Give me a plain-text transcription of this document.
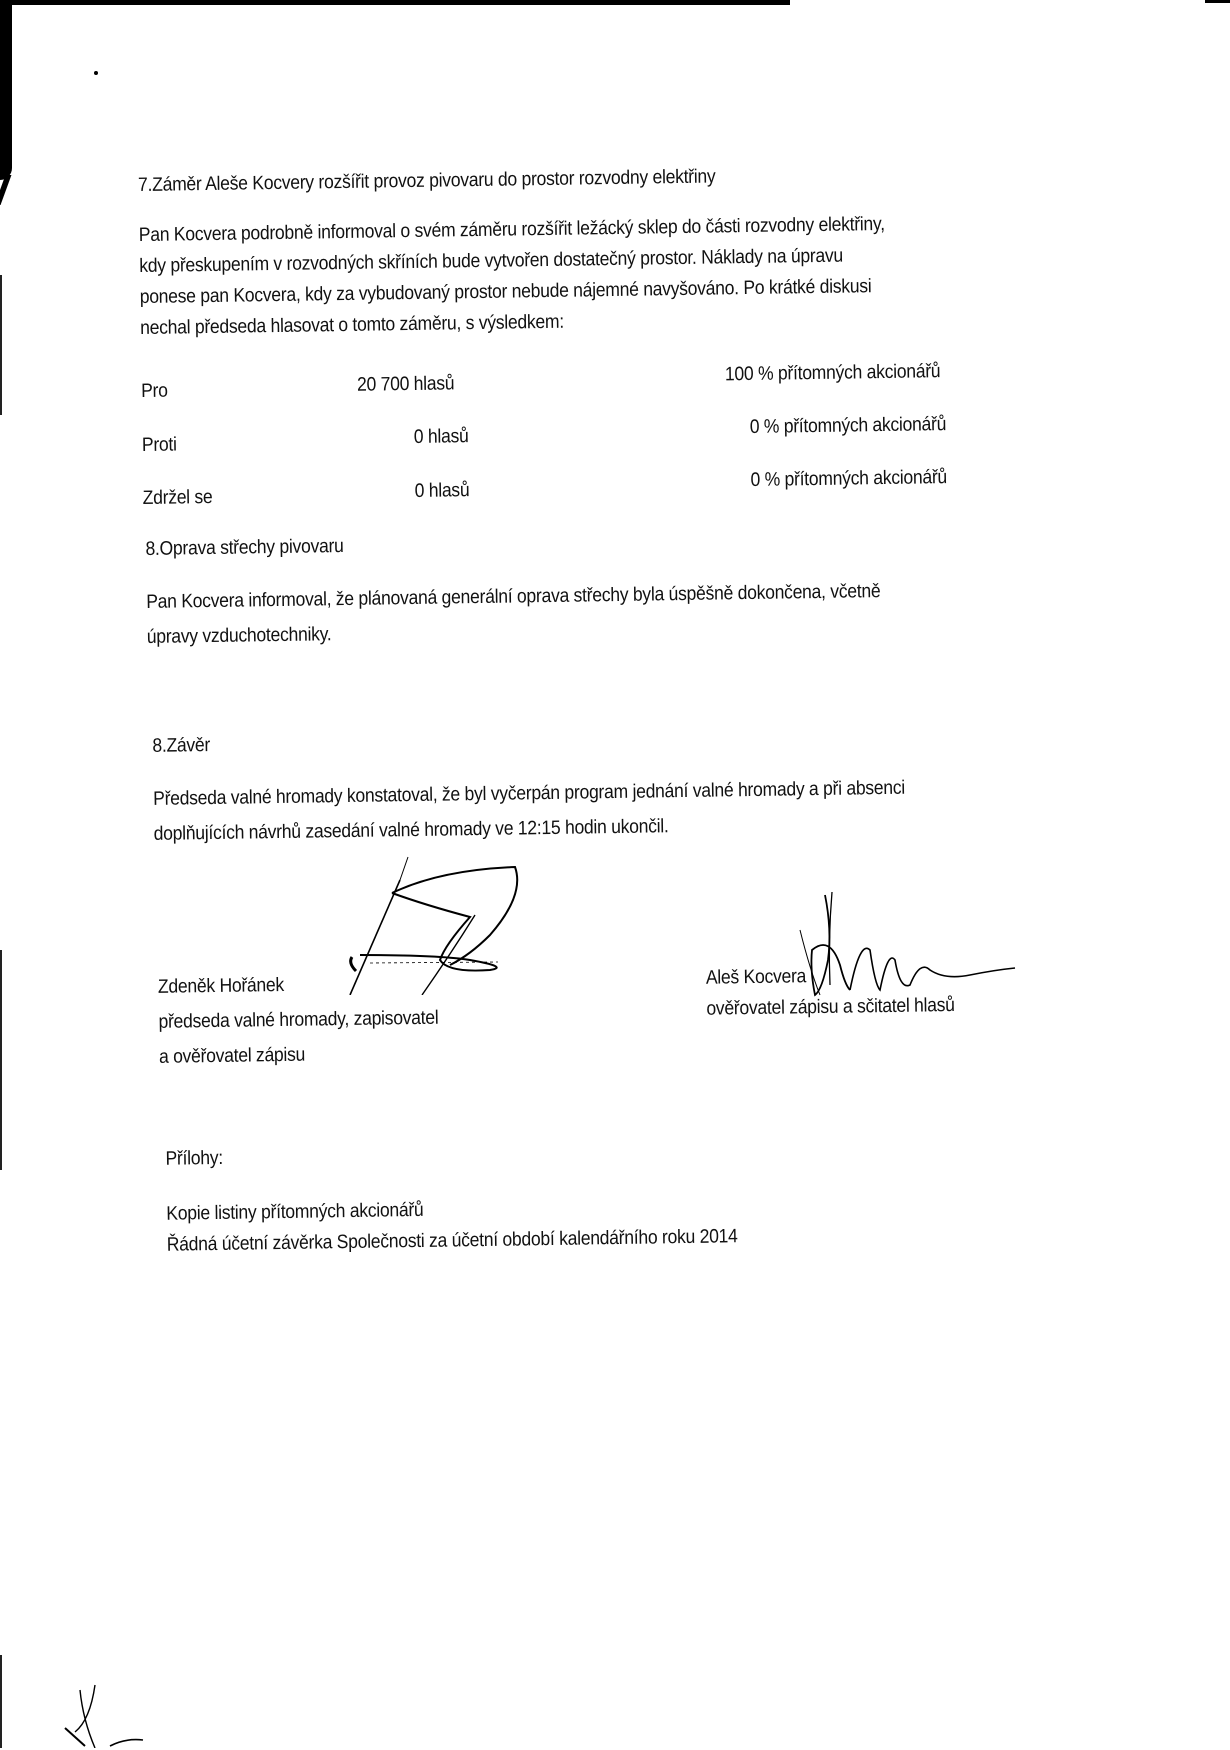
7.Záměr Aleše Kocvery rozšířit provoz pivovaru do prostor rozvodny elektřiny
Pan Kocvera podrobně informoval o svém záměru rozšířit ležácký sklep do části rozvodny elektřiny,
kdy přeskupením v rozvodných skříních bude vytvořen dostatečný prostor. Náklady na úpravu
ponese pan Kocvera, kdy za vybudovaný prostor nebude nájemné navyšováno. Po krátké diskusi
nechal předseda hlasovat o tomto záměru, s výsledkem:
Pro	20 700 hlasů	100 % přítomných akcionářů
Proti	0 hlasů	0 % přítomných akcionářů
Zdržel se	0 hlasů	0 % přítomných akcionářů
8.Oprava střechy pivovaru
Pan Kocvera informoval, že plánovaná generální oprava střechy byla úspěšně dokončena, včetně
úpravy vzduchotechniky.
8.Závěr
Předseda valné hromady konstatoval, že byl vyčerpán program jednání valné hromady a při absenci
doplňujících návrhů zasedání valné hromady ve 12:15 hodin ukončil.
Zdeněk Hořánek
předseda valné hromady, zapisovatel
a ověřovatel zápisu
Aleš Kocvera
ověřovatel zápisu a sčitatel hlasů
Přílohy:
Kopie listiny přítomných akcionářů
Řádná účetní závěrka Společnosti za účetní období kalendářního roku 2014
